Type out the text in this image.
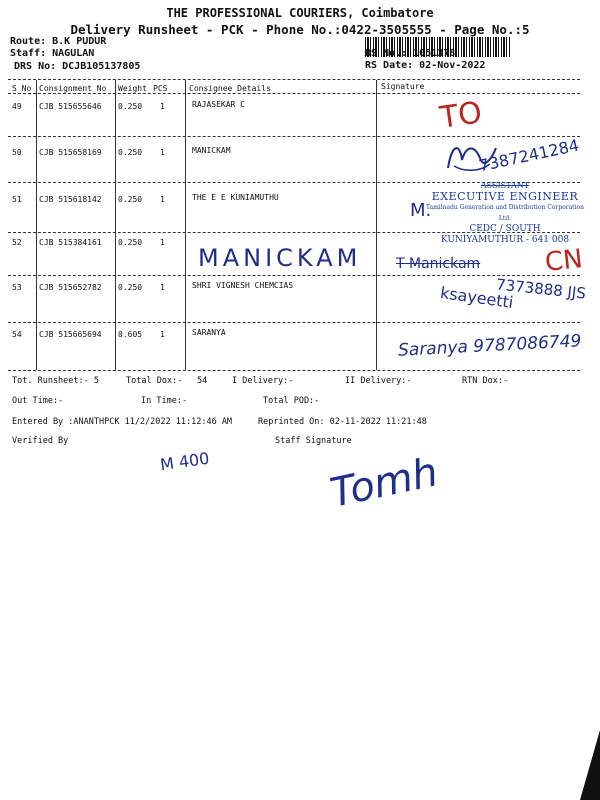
THE PROFESSIONAL COURIERS, Coimbatore
Delivery Runsheet - PCK - Phone No.:0422-3505555 - Page No.:5
Route: B.K PUDUR
Staff: NAGULAN
DRS No: DCJB105137805
RS No.: 1051378
RS Date: 02-Nov-2022
S No Consignment No Weight PCS	Consignee Details	Signature
49 CJB 515655646 0.250 1	RAJASEKAR C	TO
50 CJB 515658169 0.250 1	MANICKAM	7387241284
51 CJB 515618142 0.250 1	THE E E KUNIAMUTHU
M.
ASSISTANT
EXECUTIVE ENGINEER
Tamilnadu Generation and Distribution Corporation Ltd.
CEDC / SOUTH
KUNIYAMUTHUR - 641 008
52 CJB 515384161 0.250 1
MANICKAM T Manickam CN
53 CJB 515652782 0.250 1	SHRI VIGNESH CHEMCIAS	ksayeetti
7373888 JJS
54 CJB 515665694 0.605 1	SARANYA	Saranya 9787086749
Tot. Runsheet:- 5	Total Dox:- 54	I Delivery:-	II Delivery:-	RTN Dox:-
Out Time:-	In Time:-	Total POD:-
Entered By :ANANTHPCK 11/2/2022 11:12:46 AM	Reprinted On: 02-11-2022 11:21:48
Verified By	Staff Signature
M 400	Tomh
